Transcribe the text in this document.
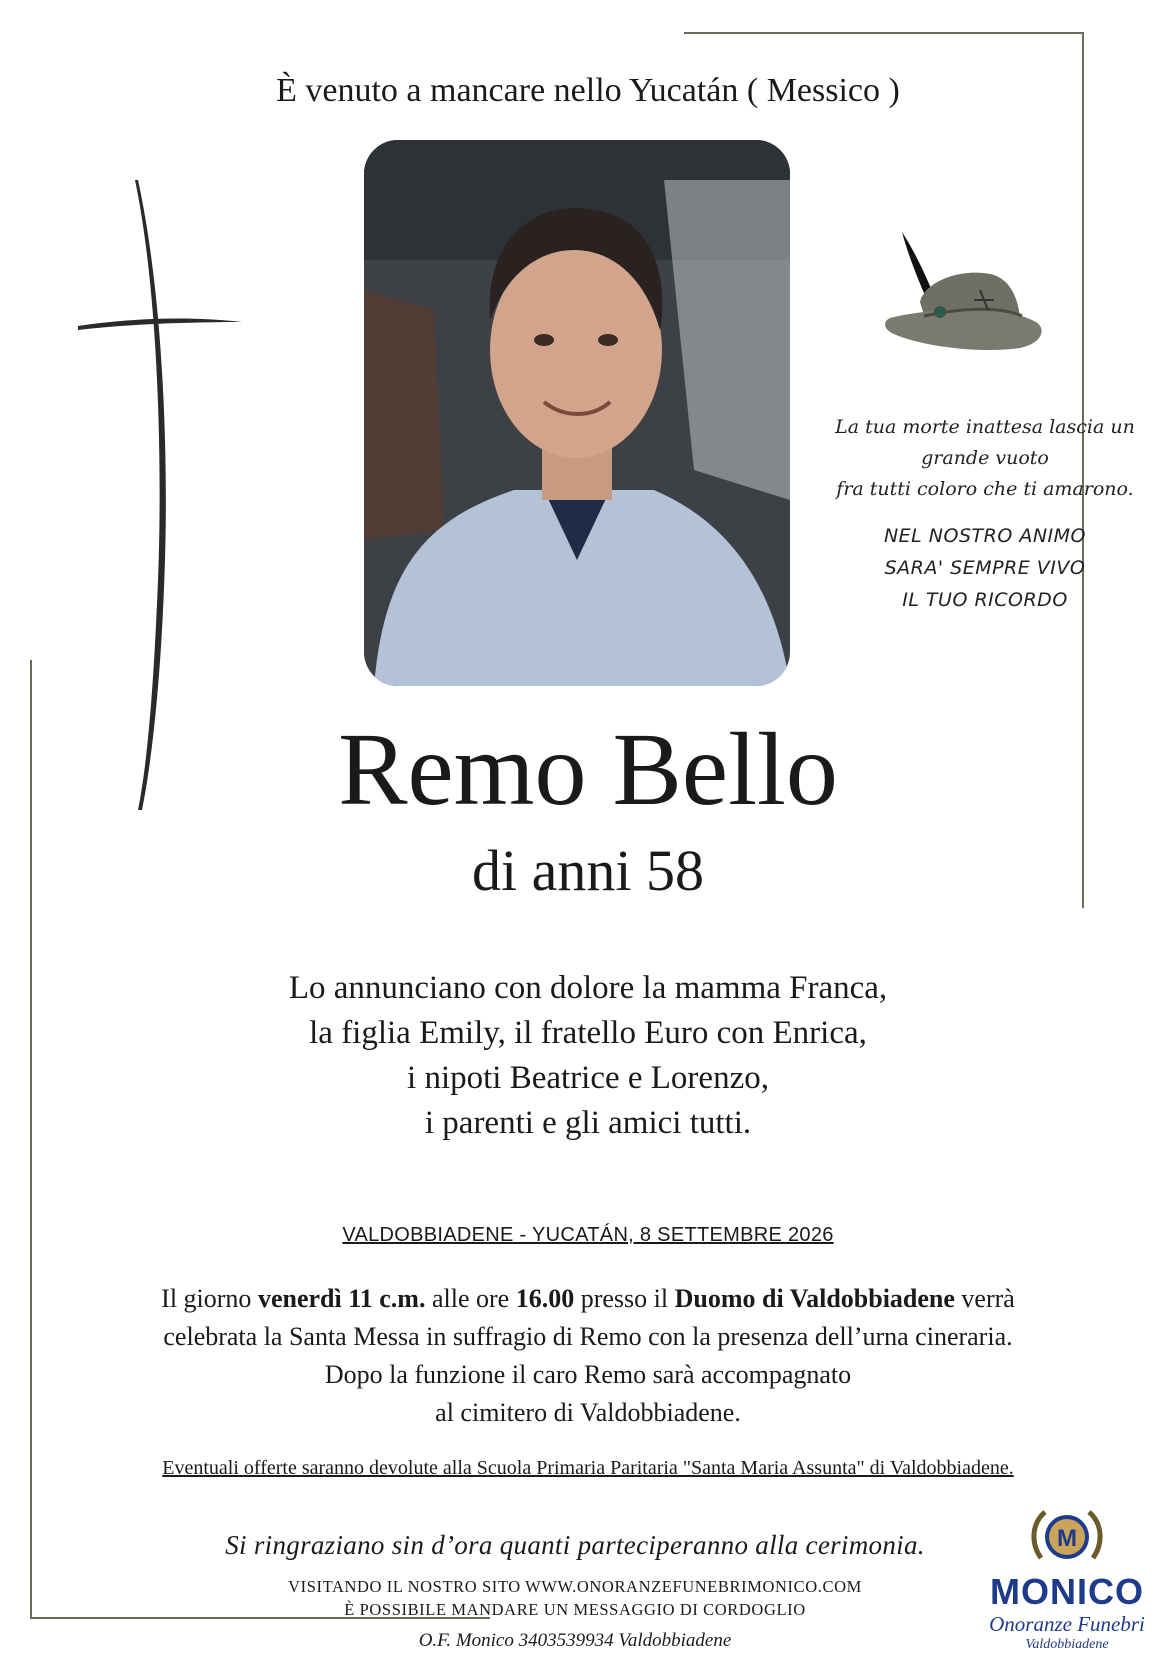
È venuto a mancare nello Yucatán ( Messico )
La tua morte inattesa lascia un
grande vuoto
fra tutti coloro che ti amarono.
NEL NOSTRO ANIMO
SARA' SEMPRE VIVO
IL TUO RICORDO
Remo Bello
di anni 58
Lo annunciano con dolore la mamma Franca,
la figlia Emily, il fratello Euro con Enrica,
i nipoti Beatrice e Lorenzo,
i parenti e gli amici tutti.
VALDOBBIADENE - YUCATÁN, 8 SETTEMBRE 2026
Il giorno venerdì 11 c.m. alle ore 16.00 presso il Duomo di Valdobbiadene verrà
celebrata la Santa Messa in suffragio di Remo con la presenza dell’urna cineraria.
Dopo la funzione il caro Remo sarà accompagnato
al cimitero di Valdobbiadene.
Eventuali offerte saranno devolute alla Scuola Primaria Paritaria "Santa Maria Assunta" di Valdobbiadene.
Si ringraziano sin d’ora quanti parteciperanno alla cerimonia.
VISITANDO IL NOSTRO SITO WWW.ONORANZEFUNEBRIMONICO.COM
È POSSIBILE MANDARE UN MESSAGGIO DI CORDOGLIO
O.F. Monico 3403539934 Valdobbiadene
M
MONICO
Onoranze Funebri
Valdobbiadene
